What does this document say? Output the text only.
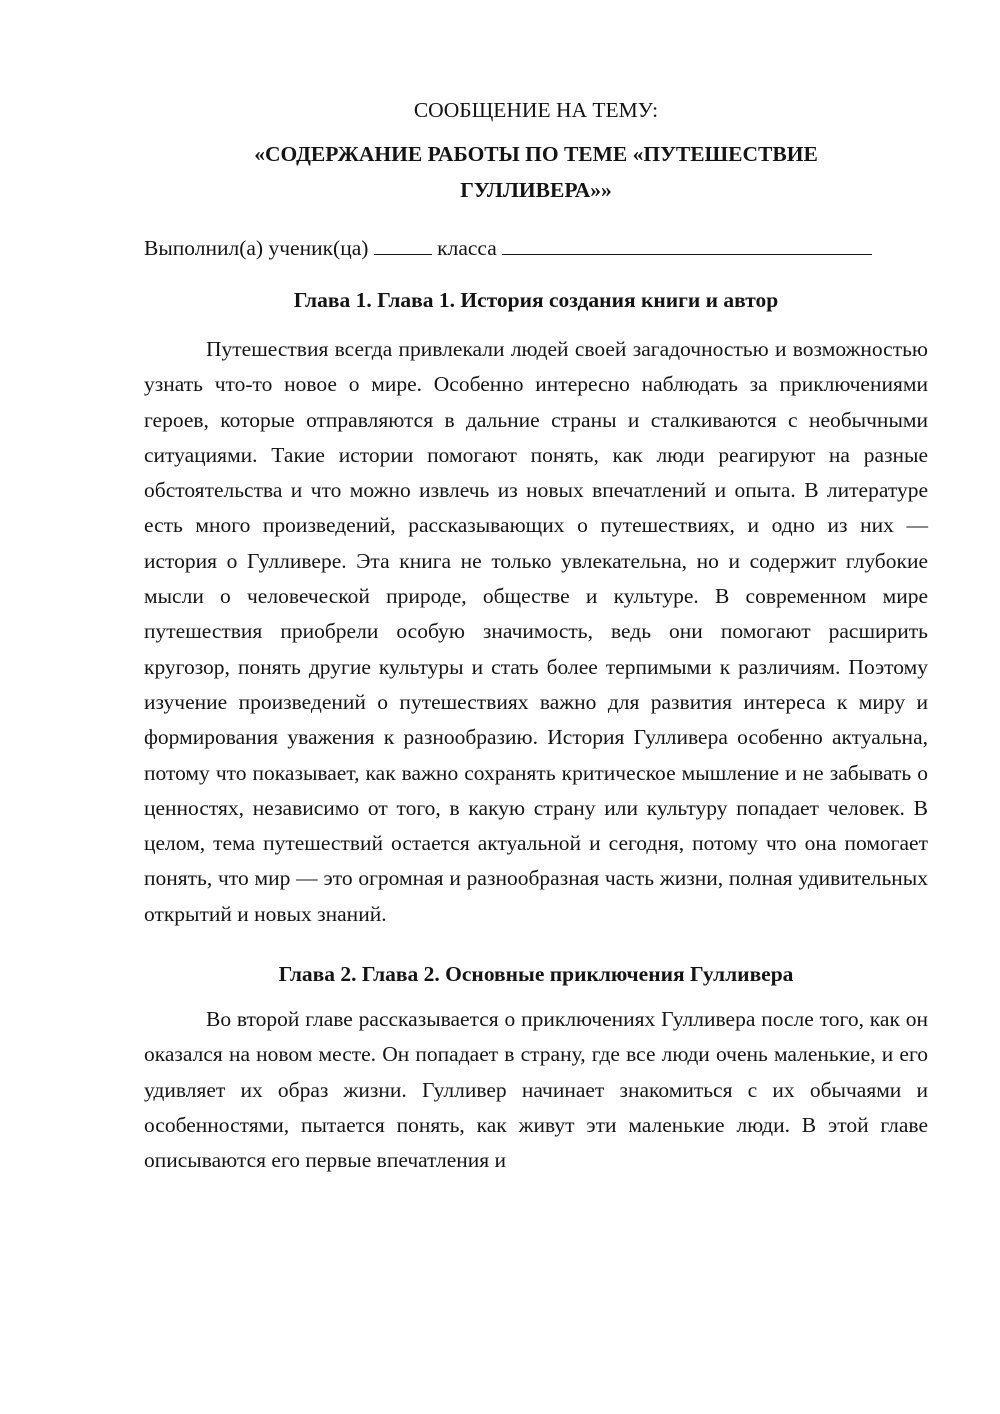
СООБЩЕНИЕ НА ТЕМУ:
«СОДЕРЖАНИЕ РАБОТЫ ПО ТЕМЕ «ПУТЕШЕСТВИЕ
ГУЛЛИВЕРА»»
Выполнил(а) ученик(ца)	класса
Глава 1. Глава 1. История создания книги и автор

Путешествия всегда привлекали людей своей загадочностью и возможностью узнать что-то новое о мире. Особенно интересно наблюдать за приключениями героев, которые отправляются в дальние страны и сталкиваются с необычными ситуациями. Такие истории помогают понять, как люди реагируют на разные обстоятельства и что можно извлечь из новых впечатлений и опыта. В литературе есть много произведений, рассказывающих о путешествиях, и одно из них — история о Гулливере. Эта книга не только увлекательна, но и содержит глубокие мысли о человеческой природе, обществе и культуре. В современном мире путешествия приобрели особую значимость, ведь они помогают расширить кругозор, понять другие культуры и стать более терпимыми к различиям. Поэтому изучение произведений о путешествиях важно для развития интереса к миру и формирования уважения к разнообразию. История Гулливера особенно актуальна, потому что показывает, как важно сохранять критическое мышление и не забывать о ценностях, независимо от того, в какую страну или культуру попадает человек. В целом, тема путешествий остается актуальной и сегодня, потому что она помогает понять, что мир — это огромная и разнообразная часть жизни, полная удивительных открытий и новых знаний.

Глава 2. Глава 2. Основные приключения Гулливера

Во второй главе рассказывается о приключениях Гулливера после того, как он оказался на новом месте. Он попадает в страну, где все люди очень маленькие, и его удивляет их образ жизни. Гулливер начинает знакомиться с их обычаями и особенностями, пытается понять, как живут эти маленькие люди. В этой главе описываются его первые впечатления и
